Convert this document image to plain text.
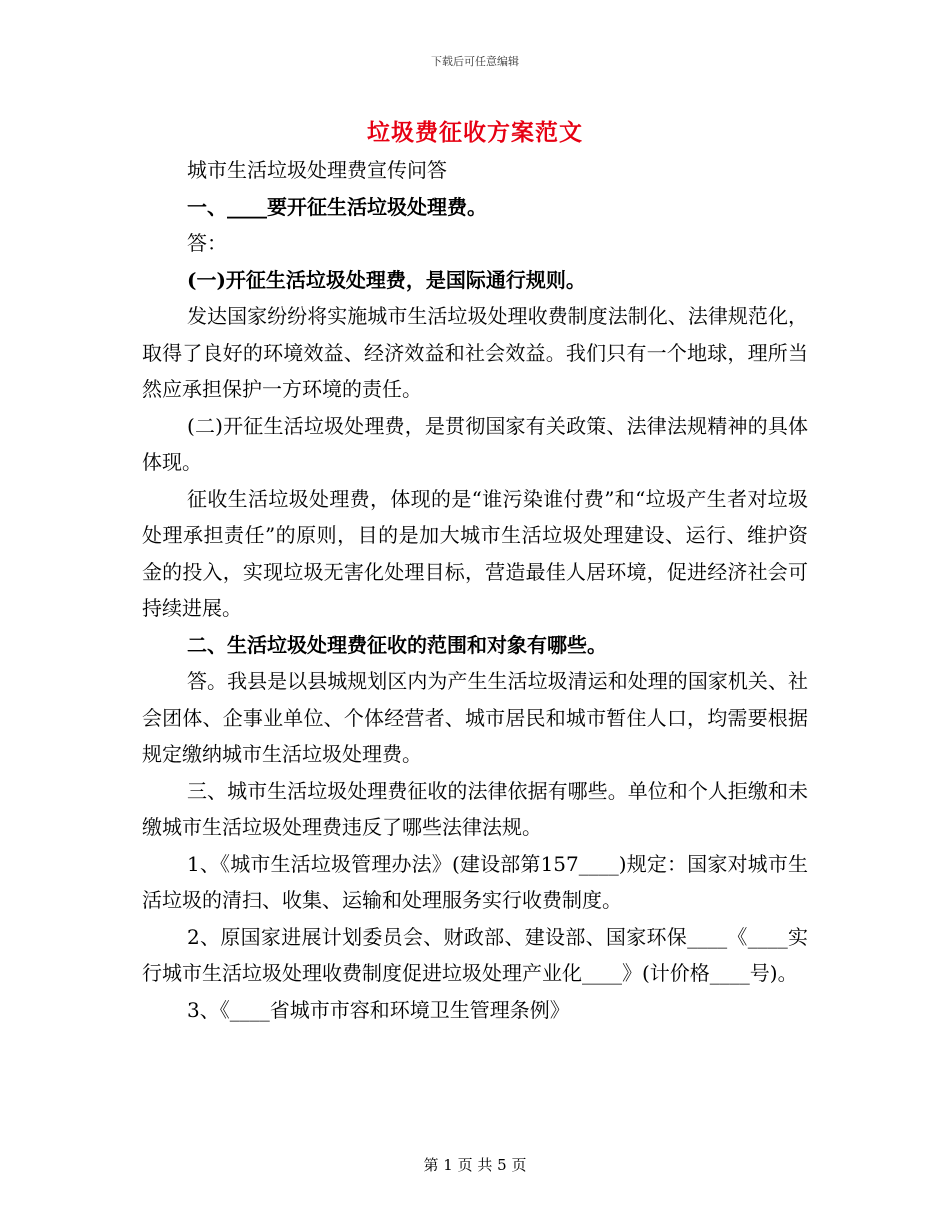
下载后可任意编辑
垃圾费征收方案范文

城市生活垃圾处理费宣传问答

一、____要开征生活垃圾处理费。

答：

(一)开征生活垃圾处理费，是国际通行规则。

发达国家纷纷将实施城市生活垃圾处理收费制度法制化、法律规范化，取得了良好的环境效益、经济效益和社会效益。我们只有一个地球，理所当然应承担保护一方环境的责任。

(二)开征生活垃圾处理费，是贯彻国家有关政策、法律法规精神的具体体现。

征收生活垃圾处理费，体现的是“谁污染谁付费”和“垃圾产生者对垃圾处理承担责任”的原则，目的是加大城市生活垃圾处理建设、运行、维护资金的投入，实现垃圾无害化处理目标，营造最佳人居环境，促进经济社会可持续进展。

二、生活垃圾处理费征收的范围和对象有哪些。

答。我县是以县城规划区内为产生生活垃圾清运和处理的国家机关、社会团体、企事业单位、个体经营者、城市居民和城市暂住人口，均需要根据规定缴纳城市生活垃圾处理费。

三、城市生活垃圾处理费征收的法律依据有哪些。单位和个人拒缴和未缴城市生活垃圾处理费违反了哪些法律法规。

1、《城市生活垃圾管理办法》(建设部第157____)规定：国家对城市生活垃圾的清扫、收集、运输和处理服务实行收费制度。

2、原国家进展计划委员会、财政部、建设部、国家环保____《____实行城市生活垃圾处理收费制度促进垃圾处理产业化____》(计价格____号)。

3、《____省城市市容和环境卫生管理条例》

第 1 页 共 5 页
